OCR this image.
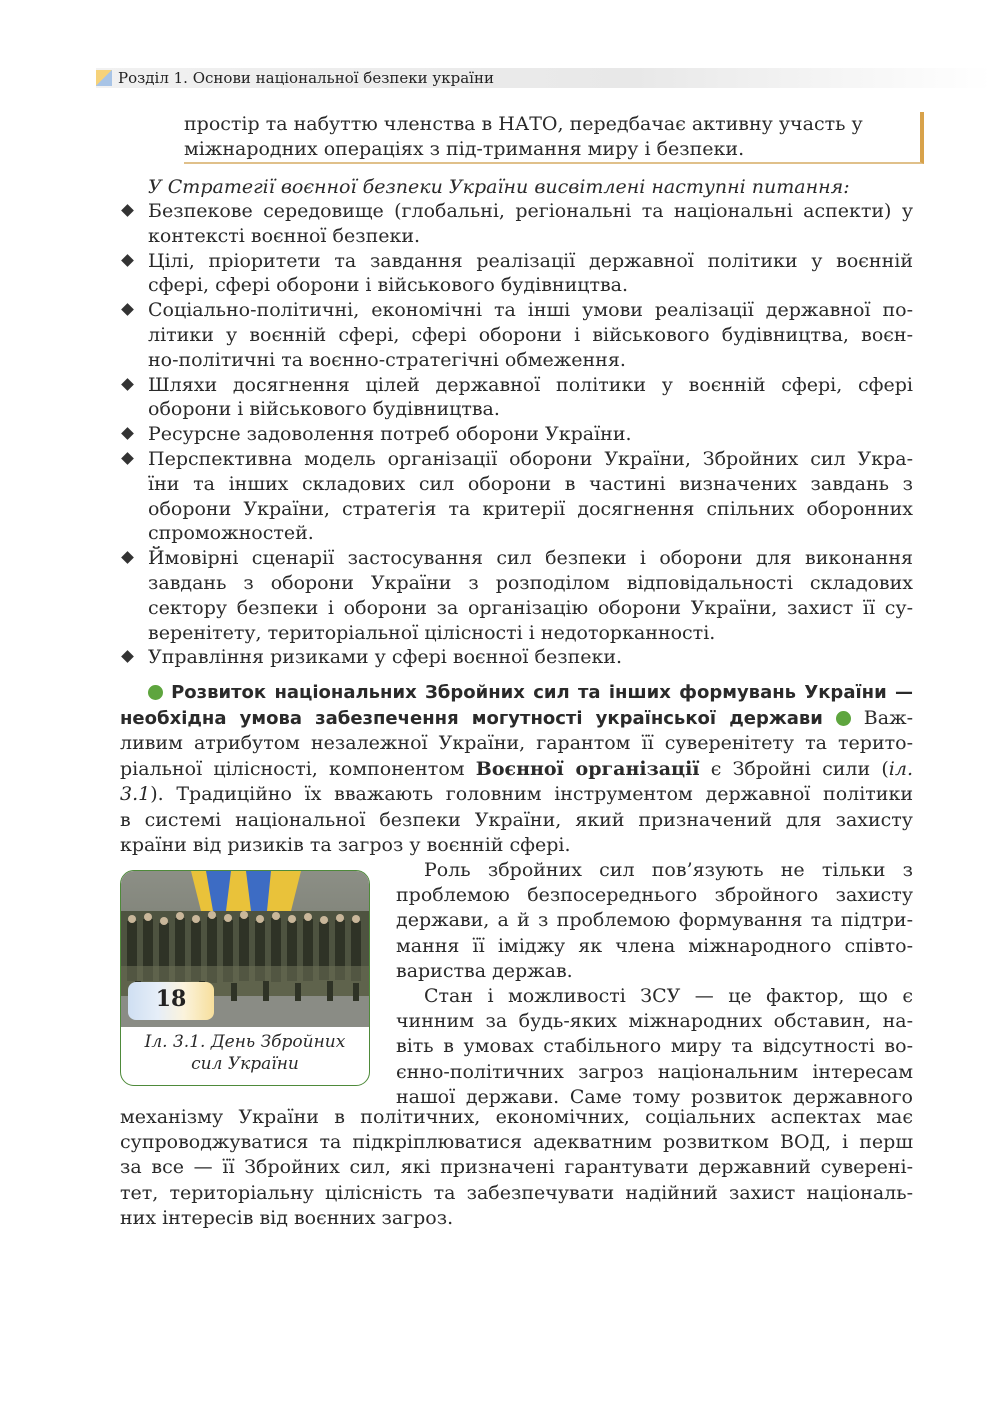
Розділ 1. Основи національної безпеки україни

простір та набуттю членства в НАТО, передбачає активну участь у

міжнародних операціях з під-тримання миру і безпеки.

У Стратегії воєнної безпеки України висвітлені наступні питання:
Безпекове середовище (глобальні, регіональні та національні аспекти) у
контексті воєнної безпеки.
Цілі, пріоритети та завдання реалізації державної політики у воєнній
сфері, сфері оборони і військового будівництва.
Соціально-політичні, економічні та інші умови реалізації державної по-
літики у воєнній сфері, сфері оборони і військового будівництва, воєн-
но-політичні та воєнно-стратегічні обмеження.
Шляхи досягнення цілей державної політики у воєнній сфері, сфері
оборони і військового будівництва.
Ресурсне задоволення потреб оборони України.
Перспективна модель організації оборони України, Збройних сил Укра-
їни та інших складових сил оборони в частині визначених завдань з
оборони України, стратегія та критерії досягнення спільних оборонних
спроможностей.
Ймовірні сценарії застосування сил безпеки і оборони для виконання
завдань з оборони України з розподілом відповідальності складових
сектору безпеки і оборони за організацію оборони України, захист її су-
веренітету, територіальної цілісності і недоторканності.
Управління ризиками у сфері воєнної безпеки.
Розвиток національних Збройних сил та інших формувань України —
необхідна умова забезпечення могутності української держави Важ-
ливим атрибутом незалежної України, гарантом її суверенітету та терито-
ріальної цілісності, компонентом Воєнної організації є Збройні сили (іл.
3.1). Традиційно їх вважають головним інструментом державної політики
в системі національної безпеки України, який призначений для захисту
країни від ризиків та загроз у воєнній сфері.
Іл. 3.1. День Збройних
сил України
Роль збройних сил пов’язують не тільки з
проблемою безпосереднього збройного захисту
держави, а й з проблемою формування та підтри-
мання її іміджу як члена міжнародного співто-
вариства держав.
Стан і можливості ЗСУ — це фактор, що є
чинним за будь-яких міжнародних обставин, на-
віть в умовах стабільного миру та відсутності во-
єнно-політичних загроз національним інтересам
нашої держави. Саме тому розвиток державного
механізму України в політичних, економічних, соціальних аспектах має
супроводжуватися та підкріплюватися адекватним розвитком ВОД, і перш
за все — її Збройних сил, які призначені гарантувати державний суверені-
тет, територіальну цілісність та забезпечувати надійний захист національ-
них інтересів від воєнних загроз.
18
